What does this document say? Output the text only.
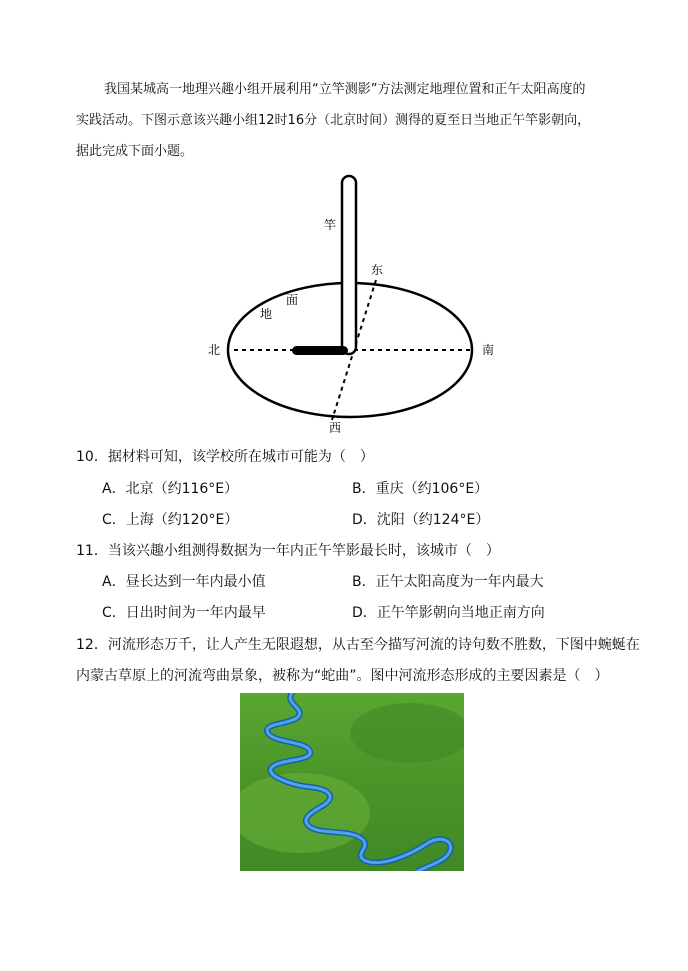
我国某城高一地理兴趣小组开展利用“立竿测影”方法测定地理位置和正午太阳高度的
实践活动。下图示意该兴趣小组12时16分（北京时间）测得的夏至日当地正午竿影朝向，
据此完成下面小题。
竿
地
面
东
西
北	南
10．据材料可知，该学校所在城市可能为（　）
A．北京（约116°E）	B．重庆（约106°E）
C．上海（约120°E）	D．沈阳（约124°E）
11．当该兴趣小组测得数据为一年内正午竿影最长时，该城市（　）
A．昼长达到一年内最小值	B．正午太阳高度为一年内最大
C．日出时间为一年内最早	D．正午竿影朝向当地正南方向
12．河流形态万千，让人产生无限遐想，从古至今描写河流的诗句数不胜数，下图中蜿蜒在
内蒙古草原上的河流弯曲景象，被称为“蛇曲”。图中河流形态形成的主要因素是（　）
